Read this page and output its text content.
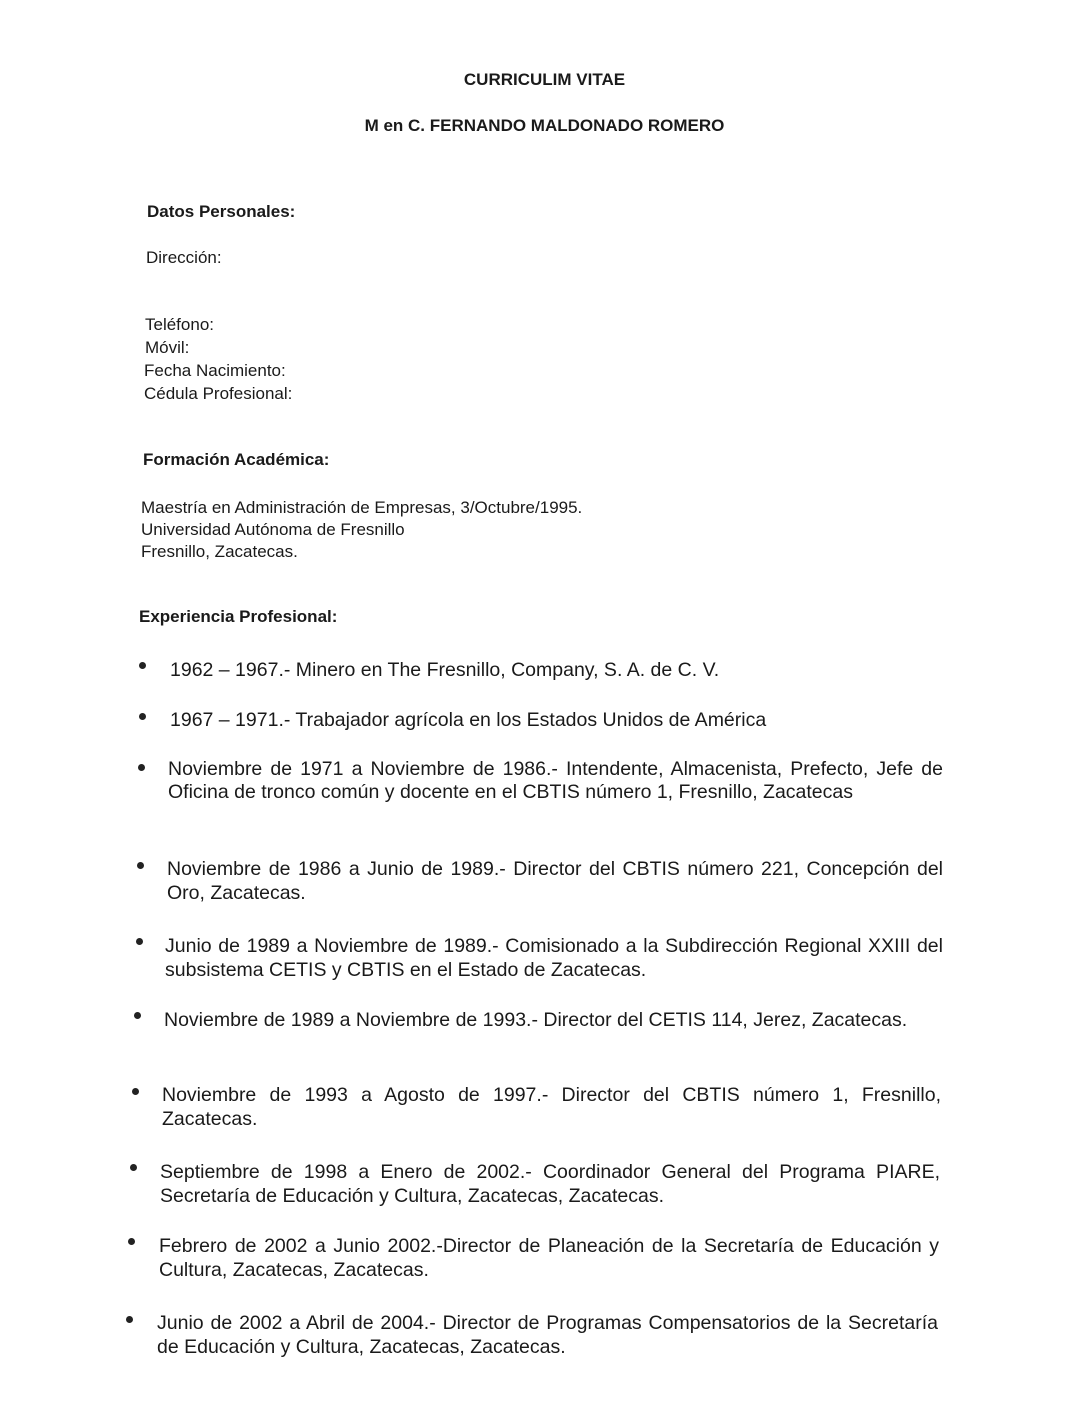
CURRICULIM VITAE
M en C. FERNANDO MALDONADO ROMERO
Datos Personales:
Dirección:
Teléfono:
Móvil:
Fecha Nacimiento:
Cédula Profesional:
Formación Académica:
Maestría en Administración de Empresas, 3/Octubre/1995.
Universidad Autónoma de Fresnillo
Fresnillo, Zacatecas.
Experiencia Profesional:
1962 – 1967.- Minero en The Fresnillo, Company, S. A. de C. V.
1967 – 1971.- Trabajador agrícola en los Estados Unidos de América
Noviembre de 1971 a Noviembre de 1986.- Intendente, Almacenista, Prefecto, Jefe de Oficina de tronco común y docente en el CBTIS número 1, Fresnillo, Zacatecas
Noviembre de 1986 a Junio de 1989.- Director del CBTIS número 221, Concepción del Oro, Zacatecas.
Junio de 1989 a Noviembre de 1989.- Comisionado a la Subdirección Regional XXIII del subsistema CETIS y CBTIS en el Estado de Zacatecas.
Noviembre de 1989 a Noviembre de 1993.- Director del CETIS 114, Jerez, Zacatecas.
Noviembre de 1993 a Agosto de 1997.- Director del CBTIS número 1, Fresnillo, Zacatecas.
Septiembre de 1998 a Enero de 2002.- Coordinador General del Programa PIARE, Secretaría de Educación y Cultura, Zacatecas, Zacatecas.
Febrero de 2002 a Junio 2002.-Director de Planeación de la Secretaría de Educación y Cultura, Zacatecas, Zacatecas.
Junio de 2002 a Abril de 2004.- Director de Programas Compensatorios de la Secretaría de Educación y Cultura, Zacatecas, Zacatecas.
